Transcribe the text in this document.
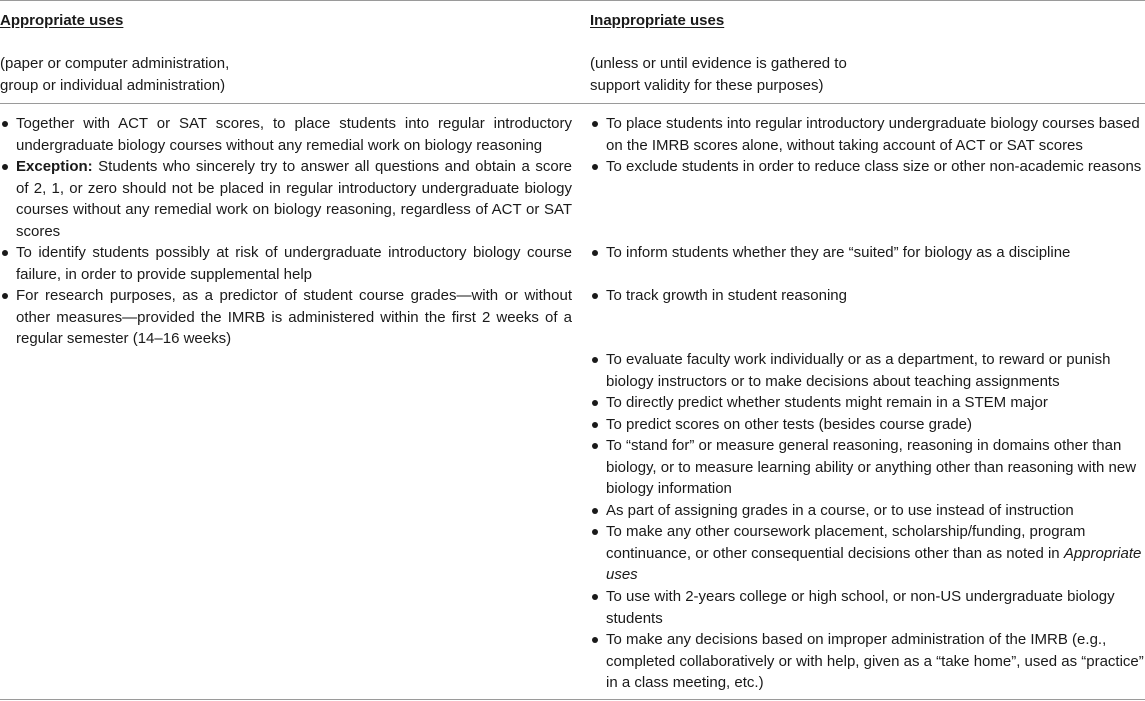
Appropriate uses
(paper or computer administration,
group or individual administration)
Inappropriate uses
(unless or until evidence is gathered to
support validity for these purposes)
Together with ACT or SAT scores, to place students into regular introductory undergraduate biology courses without any remedial work on biology reasoning
Exception: Students who sincerely try to answer all questions and obtain a score of 2, 1, or zero should not be placed in regular introductory undergraduate biology courses without any remedial work on biology reasoning, regardless of ACT or SAT scores
To identify students possibly at risk of undergraduate introductory biology course failure, in order to provide supplemental help
For research purposes, as a predictor of student course grades—with or without other measures—provided the IMRB is administered within the first 2 weeks of a regular semester (14–16 weeks)
To place students into regular introductory undergraduate biology courses based on the IMRB scores alone, without taking account of ACT or SAT scores
To exclude students in order to reduce class size or other non-academic reasons
To inform students whether they are “suited” for biology as a discipline
To track growth in student reasoning
To evaluate faculty work individually or as a department, to reward or punish biology instructors or to make decisions about teaching assignments
To directly predict whether students might remain in a STEM major
To predict scores on other tests (besides course grade)
To “stand for” or measure general reasoning, reasoning in domains other than biology, or to measure learning ability or anything other than reasoning with new biology information
As part of assigning grades in a course, or to use instead of instruction
To make any other coursework placement, scholarship/funding, program continuance, or other consequential decisions other than as noted in Appropriate uses
To use with 2-years college or high school, or non-US undergraduate biology students
To make any decisions based on improper administration of the IMRB (e.g., completed collaboratively or with help, given as a “take home”, used as “practice” in a class meeting, etc.)
